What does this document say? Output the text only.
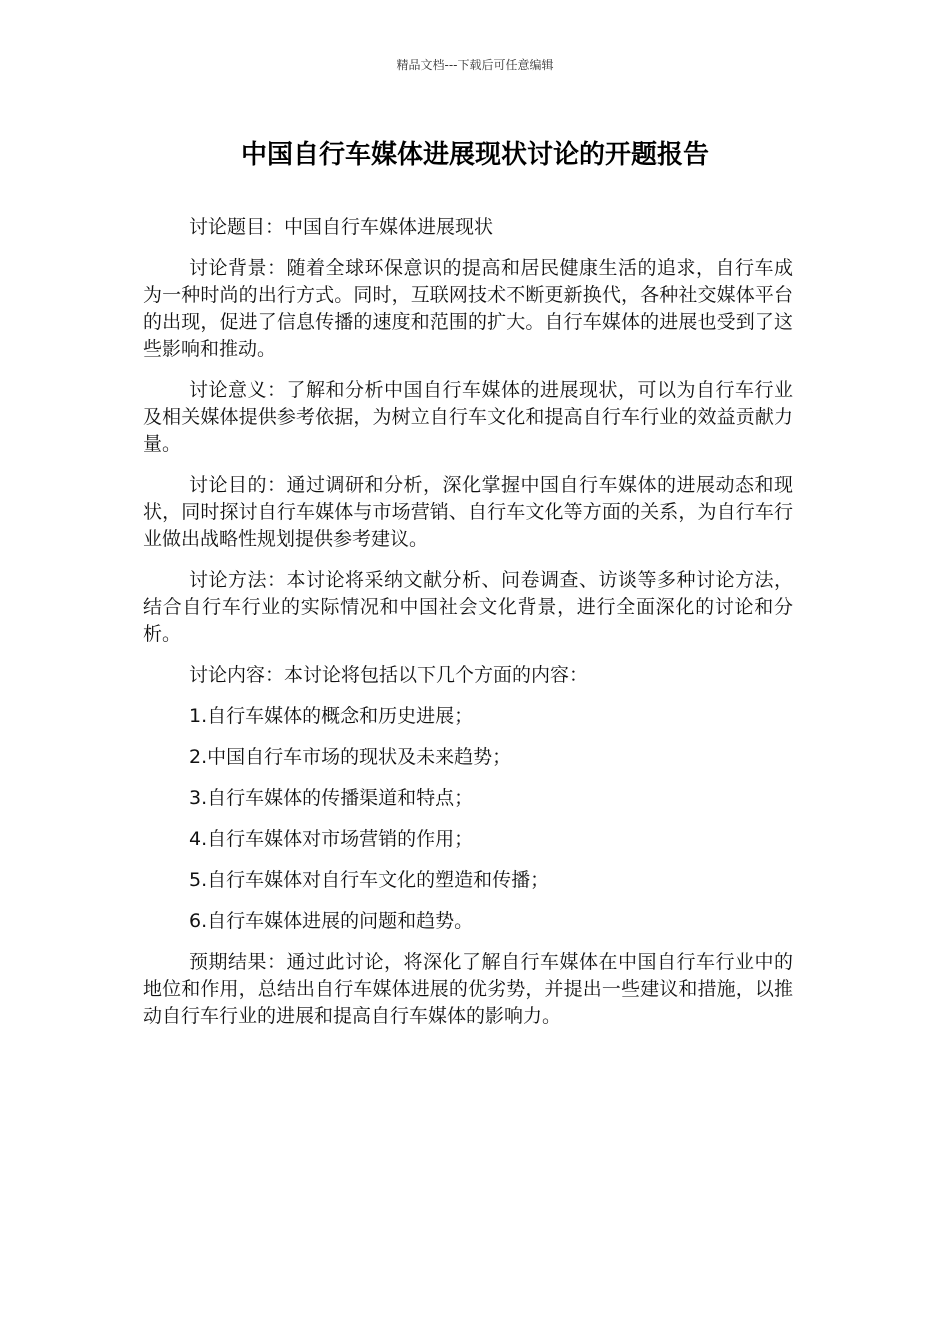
精品文档---下载后可任意编辑
中国自行车媒体进展现状讨论的开题报告

讨论题目：中国自行车媒体进展现状

讨论背景：随着全球环保意识的提高和居民健康生活的追求，自行车成为一种时尚的出行方式。同时，互联网技术不断更新换代，各种社交媒体平台的出现，促进了信息传播的速度和范围的扩大。自行车媒体的进展也受到了这些影响和推动。

讨论意义：了解和分析中国自行车媒体的进展现状，可以为自行车行业及相关媒体提供参考依据，为树立自行车文化和提高自行车行业的效益贡献力量。

讨论目的：通过调研和分析，深化掌握中国自行车媒体的进展动态和现状，同时探讨自行车媒体与市场营销、自行车文化等方面的关系，为自行车行业做出战略性规划提供参考建议。

讨论方法：本讨论将采纳文献分析、问卷调查、访谈等多种讨论方法，结合自行车行业的实际情况和中国社会文化背景，进行全面深化的讨论和分析。

讨论内容：本讨论将包括以下几个方面的内容：

1.自行车媒体的概念和历史进展；

2.中国自行车市场的现状及未来趋势；

3.自行车媒体的传播渠道和特点；

4.自行车媒体对市场营销的作用；

5.自行车媒体对自行车文化的塑造和传播；

6.自行车媒体进展的问题和趋势。

预期结果：通过此讨论，将深化了解自行车媒体在中国自行车行业中的地位和作用，总结出自行车媒体进展的优劣势，并提出一些建议和措施，以推动自行车行业的进展和提高自行车媒体的影响力。
